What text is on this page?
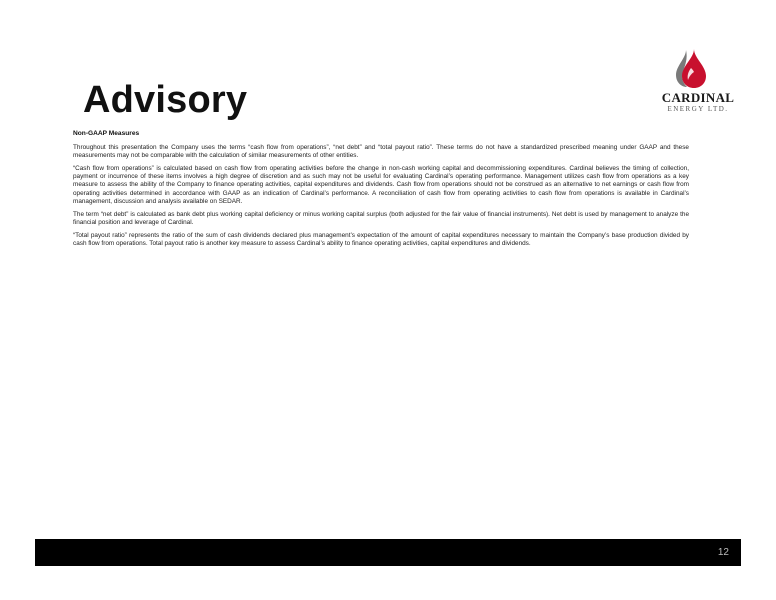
Advisory	CARDINAL
ENERGY LTD.

Non-GAAP Measures

Throughout this presentation the Company uses the terms “cash flow from operations”, “net debt” and “total payout ratio”. These terms do not have a standardized prescribed meaning under GAAP and these measurements may not be comparable with the calculation of similar measurements of other entities.

“Cash flow from operations” is calculated based on cash flow from operating activities before the change in non-cash working capital and decommissioning expenditures. Cardinal believes the timing of collection, payment or incurrence of these items involves a high degree of discretion and as such may not be useful for evaluating Cardinal’s operating performance. Management utilizes cash flow from operations as a key measure to assess the ability of the Company to finance operating activities, capital expenditures and dividends. Cash flow from operations should not be construed as an alternative to net earnings or cash flow from operating activities determined in accordance with GAAP as an indication of Cardinal’s performance. A reconciliation of cash flow from operating activities to cash flow from operations is available in Cardinal’s management, discussion and analysis available on SEDAR.

The term “net debt” is calculated as bank debt plus working capital deficiency or minus working capital surplus (both adjusted for the fair value of financial instruments). Net debt is used by management to analyze the financial position and leverage of Cardinal.

“Total payout ratio” represents the ratio of the sum of cash dividends declared plus management’s expectation of the amount of capital expenditures necessary to maintain the Company’s base production divided by cash flow from operations. Total payout ratio is another key measure to assess Cardinal’s ability to finance operating activities, capital expenditures and dividends.

12
